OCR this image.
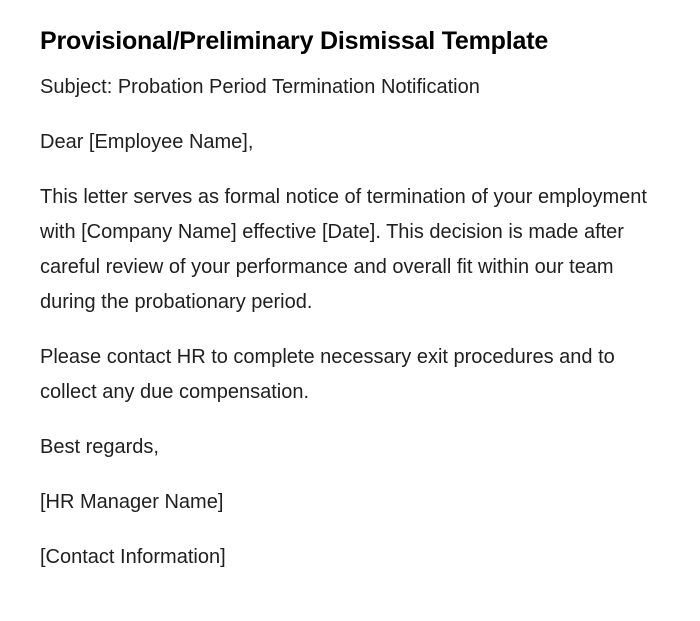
Provisional/Preliminary Dismissal Template

Subject: Probation Period Termination Notification

Dear [Employee Name],

This letter serves as formal notice of termination of your employment with [Company Name] effective [Date]. This decision is made after careful review of your performance and overall fit within our team during the probationary period.

Please contact HR to complete necessary exit procedures and to collect any due compensation.

Best regards,

[HR Manager Name]

[Contact Information]
